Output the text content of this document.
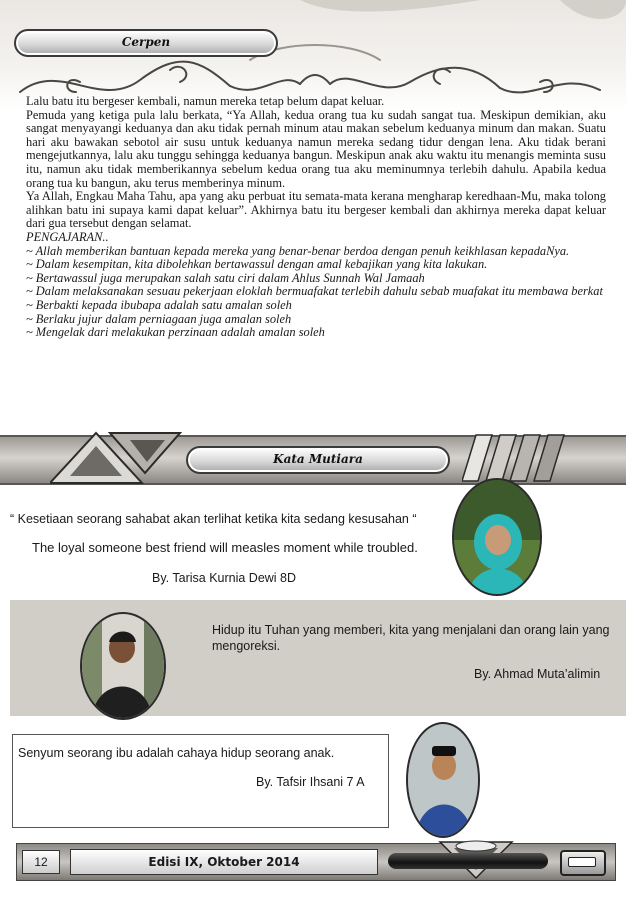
Cerpen

Lalu batu itu bergeser kembali, namun mereka tetap belum dapat keluar.

Pemuda yang ketiga pula lalu berkata, “Ya Allah, kedua orang tua ku sudah sangat tua. Meskipun demikian, aku sangat menyayangi keduanya dan aku tidak pernah minum atau makan sebelum keduanya minum dan makan. Suatu hari aku bawakan sebotol air susu untuk keduanya namun mereka sedang tidur dengan lena. Aku tidak berani mengejutkannya, lalu aku tunggu sehingga keduanya bangun. Meskipun anak aku waktu itu menangis meminta susu itu, namun aku tidak memberikannya sebelum kedua orang tua aku meminumnya terlebih dahulu. Apabila kedua orang tua ku bangun, aku terus memberinya minum.

Ya Allah, Engkau Maha Tahu, apa yang aku perbuat itu semata-mata kerana mengharap keredhaan-Mu, maka tolong alihkan batu ini supaya kami dapat keluar”. Akhirnya batu itu bergeser kembali dan akhirnya mereka dapat keluar dari gua tersebut dengan selamat.

PENGAJARAN..

~ Allah memberikan bantuan kepada mereka yang benar-benar berdoa dengan penuh keikhlasan kepadaNya.

~ Dalam kesempitan, kita dibolehkan bertawassul dengan amal kebajikan yang kita lakukan.

~ Bertawassul juga merupakan salah satu ciri dalam Ahlus Sunnah Wal Jamaah

~ Dalam melaksanakan sesuau pekerjaan eloklah bermuafakat terlebih dahulu sebab muafakat itu membawa berkat

~ Berbakti kepada ibubapa adalah satu amalan soleh

~ Berlaku jujur dalam perniagaan juga amalan soleh

~ Mengelak dari melakukan perzinaan adalah amalan soleh

Kata Mutiara

“ Kesetiaan seorang sahabat akan terlihat ketika kita sedang kesusahan “

The loyal someone best friend will measles moment while troubled.

By. Tarisa Kurnia Dewi 8D

Hidup itu Tuhan yang memberi, kita yang menjalani dan orang lain yang mengoreksi.
By. Ahmad Muta’alimin
Senyum seorang ibu adalah cahaya hidup seorang anak.
By. Tafsir Ihsani 7 A
12	Edisi IX, Oktober 2014
